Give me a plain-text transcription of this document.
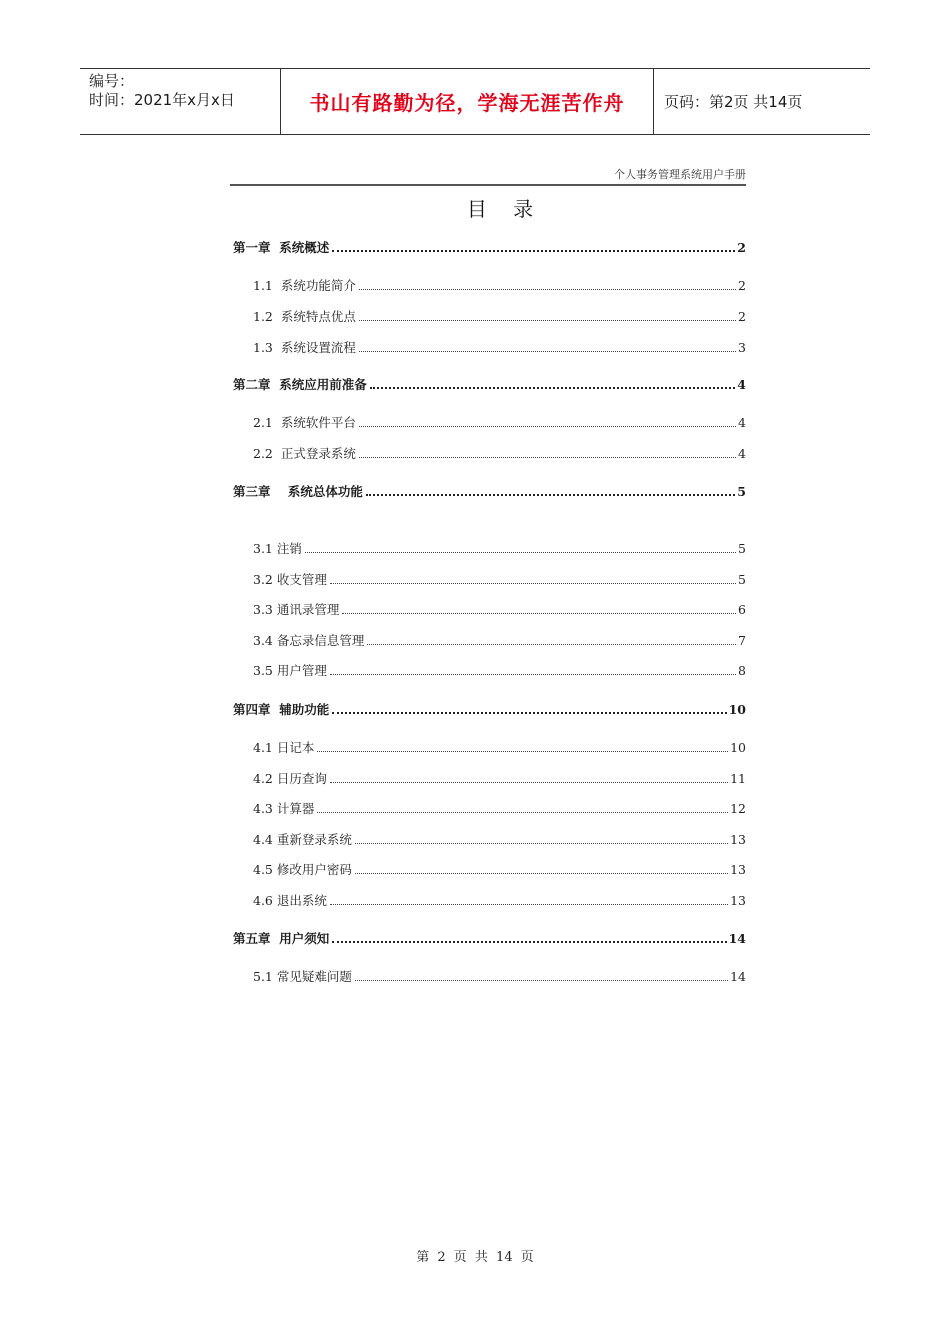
编号：
时间：2021年x月x日	书山有路勤为径，学海无涯苦作舟	页码：第2页 共14页
个人事务管理系统用户手册
目 录
第一章  系统概述	2
1.1  系统功能简介	2
1.2  系统特点优点	2
1.3  系统设置流程	3
第二章  系统应用前准备	4
2.1  系统软件平台	4
2.2  正式登录系统	4
第三章    系统总体功能	5
3.1 注销	5
3.2 收支管理	5
3.3 通讯录管理	6
3.4 备忘录信息管理	7
3.5 用户管理	8
第四章  辅助功能	10
4.1 日记本	10
4.2 日历查询	11
4.3 计算器	12
4.4 重新登录系统	13
4.5 修改用户密码	13
4.6 退出系统	13
第五章  用户须知	14
5.1 常见疑难问题	14
第 2 页 共 14 页
